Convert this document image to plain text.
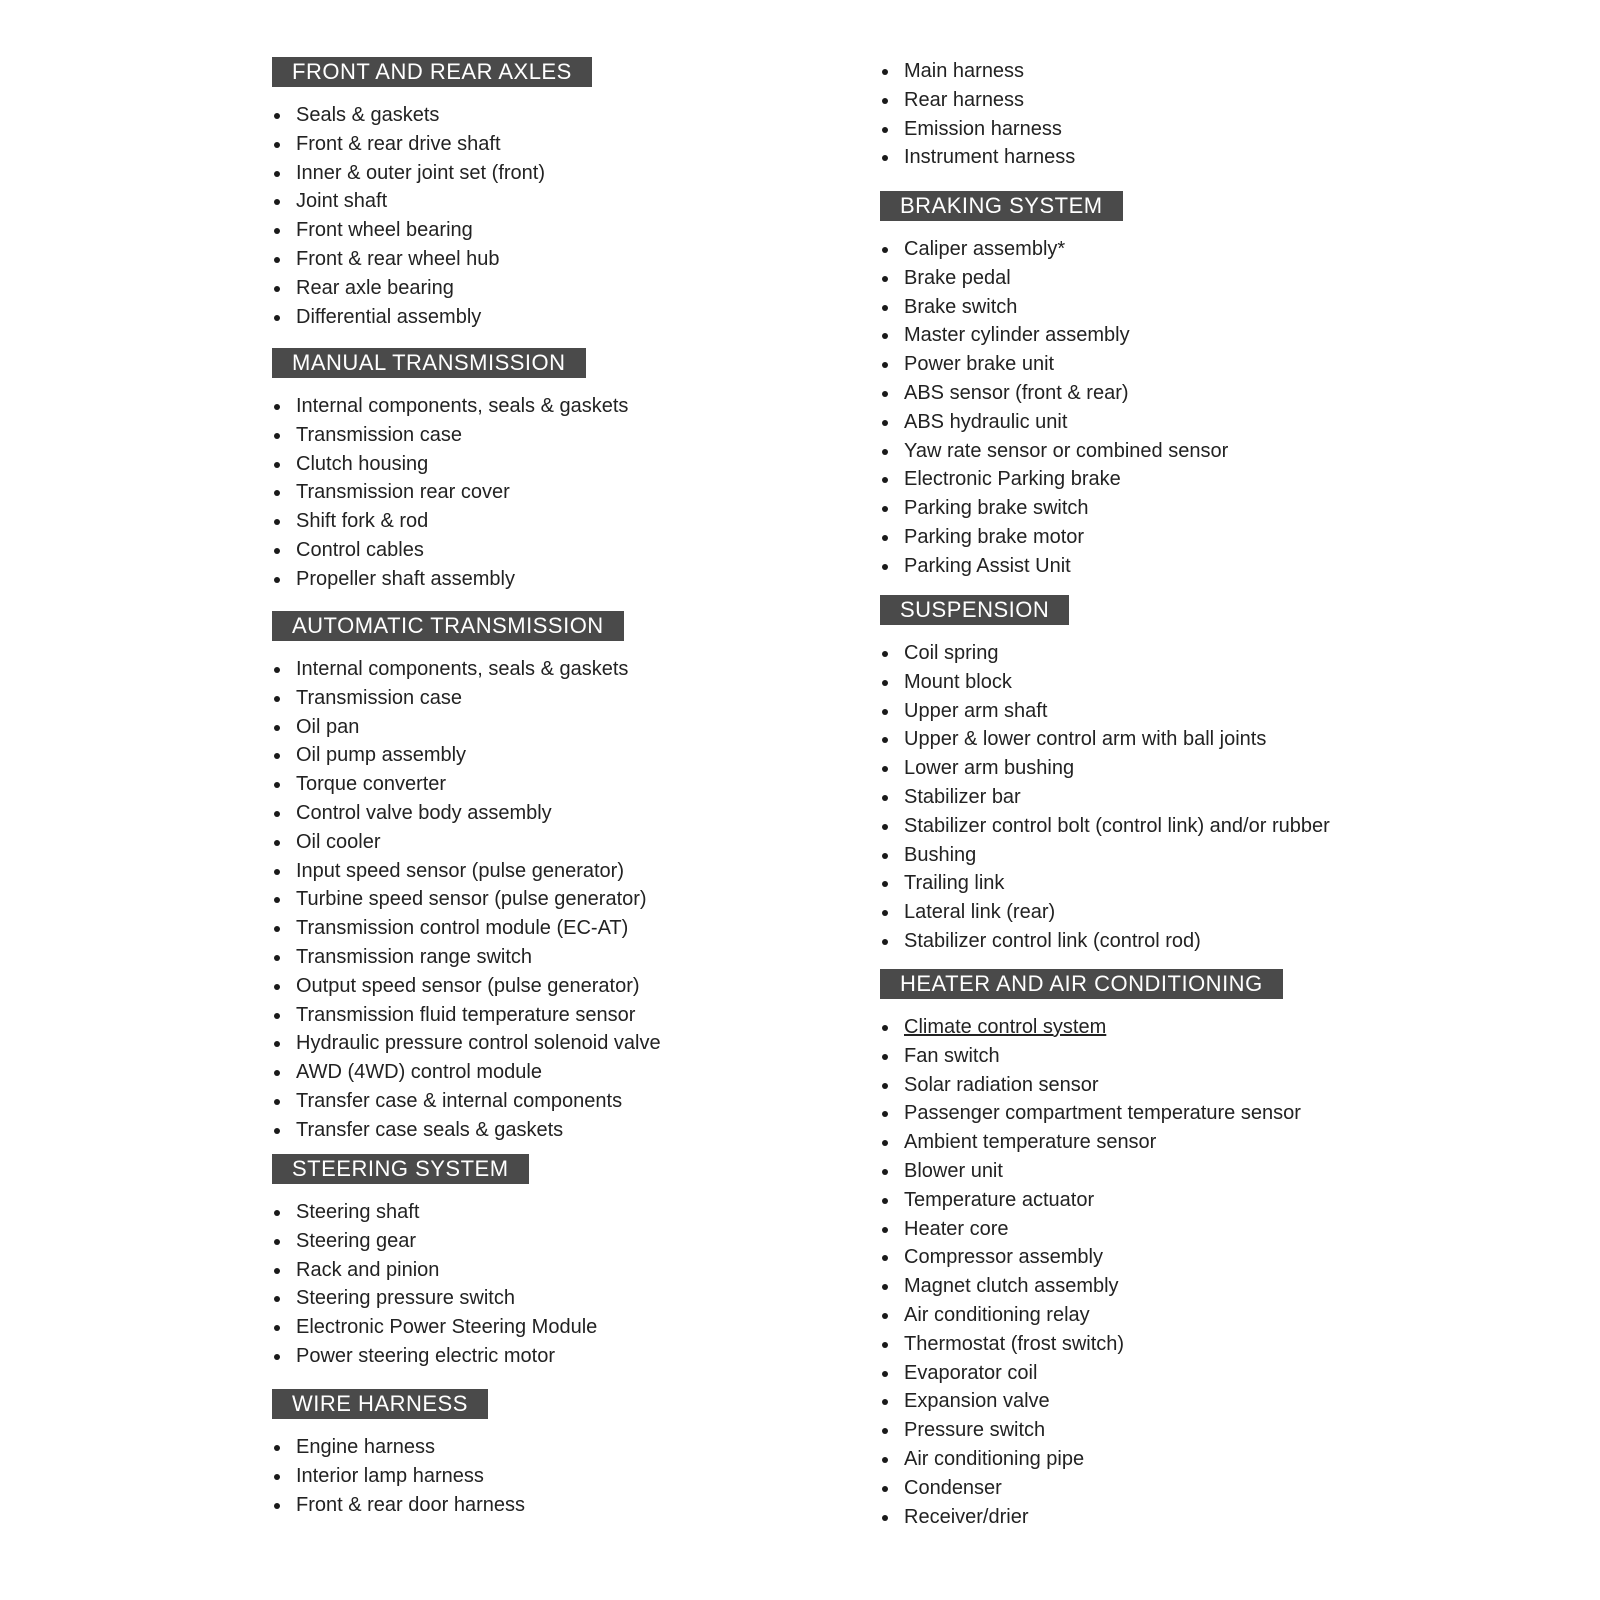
FRONT AND REAR AXLES
Seals & gaskets
Front & rear drive shaft
Inner & outer joint set (front)
Joint shaft
Front wheel bearing
Front & rear wheel hub
Rear axle bearing
Differential assembly
MANUAL TRANSMISSION
Internal components, seals & gaskets
Transmission case
Clutch housing
Transmission rear cover
Shift fork & rod
Control cables
Propeller shaft assembly
AUTOMATIC TRANSMISSION
Internal components, seals & gaskets
Transmission case
Oil pan
Oil pump assembly
Torque converter
Control valve body assembly
Oil cooler
Input speed sensor (pulse generator)
Turbine speed sensor (pulse generator)
Transmission control module (EC-AT)
Transmission range switch
Output speed sensor (pulse generator)
Transmission fluid temperature sensor
Hydraulic pressure control solenoid valve
AWD (4WD) control module
Transfer case & internal components
Transfer case seals & gaskets
STEERING SYSTEM
Steering shaft
Steering gear
Rack and pinion
Steering pressure switch
Electronic Power Steering Module
Power steering electric motor
WIRE HARNESS
Engine harness
Interior lamp harness
Front & rear door harness
Main harness
Rear harness
Emission harness
Instrument harness
BRAKING SYSTEM
Caliper assembly*
Brake pedal
Brake switch
Master cylinder assembly
Power brake unit
ABS sensor (front & rear)
ABS hydraulic unit
Yaw rate sensor or combined sensor
Electronic Parking brake
Parking brake switch
Parking brake motor
Parking Assist Unit
SUSPENSION
Coil spring
Mount block
Upper arm shaft
Upper & lower control arm with ball joints
Lower arm bushing
Stabilizer bar
Stabilizer control bolt (control link) and/or rubber
Bushing
Trailing link
Lateral link (rear)
Stabilizer control link (control rod)
HEATER AND AIR CONDITIONING
Climate control system
Fan switch
Solar radiation sensor
Passenger compartment temperature sensor
Ambient temperature sensor
Blower unit
Temperature actuator
Heater core
Compressor assembly
Magnet clutch assembly
Air conditioning relay
Thermostat (frost switch)
Evaporator coil
Expansion valve
Pressure switch
Air conditioning pipe
Condenser
Receiver/drier
